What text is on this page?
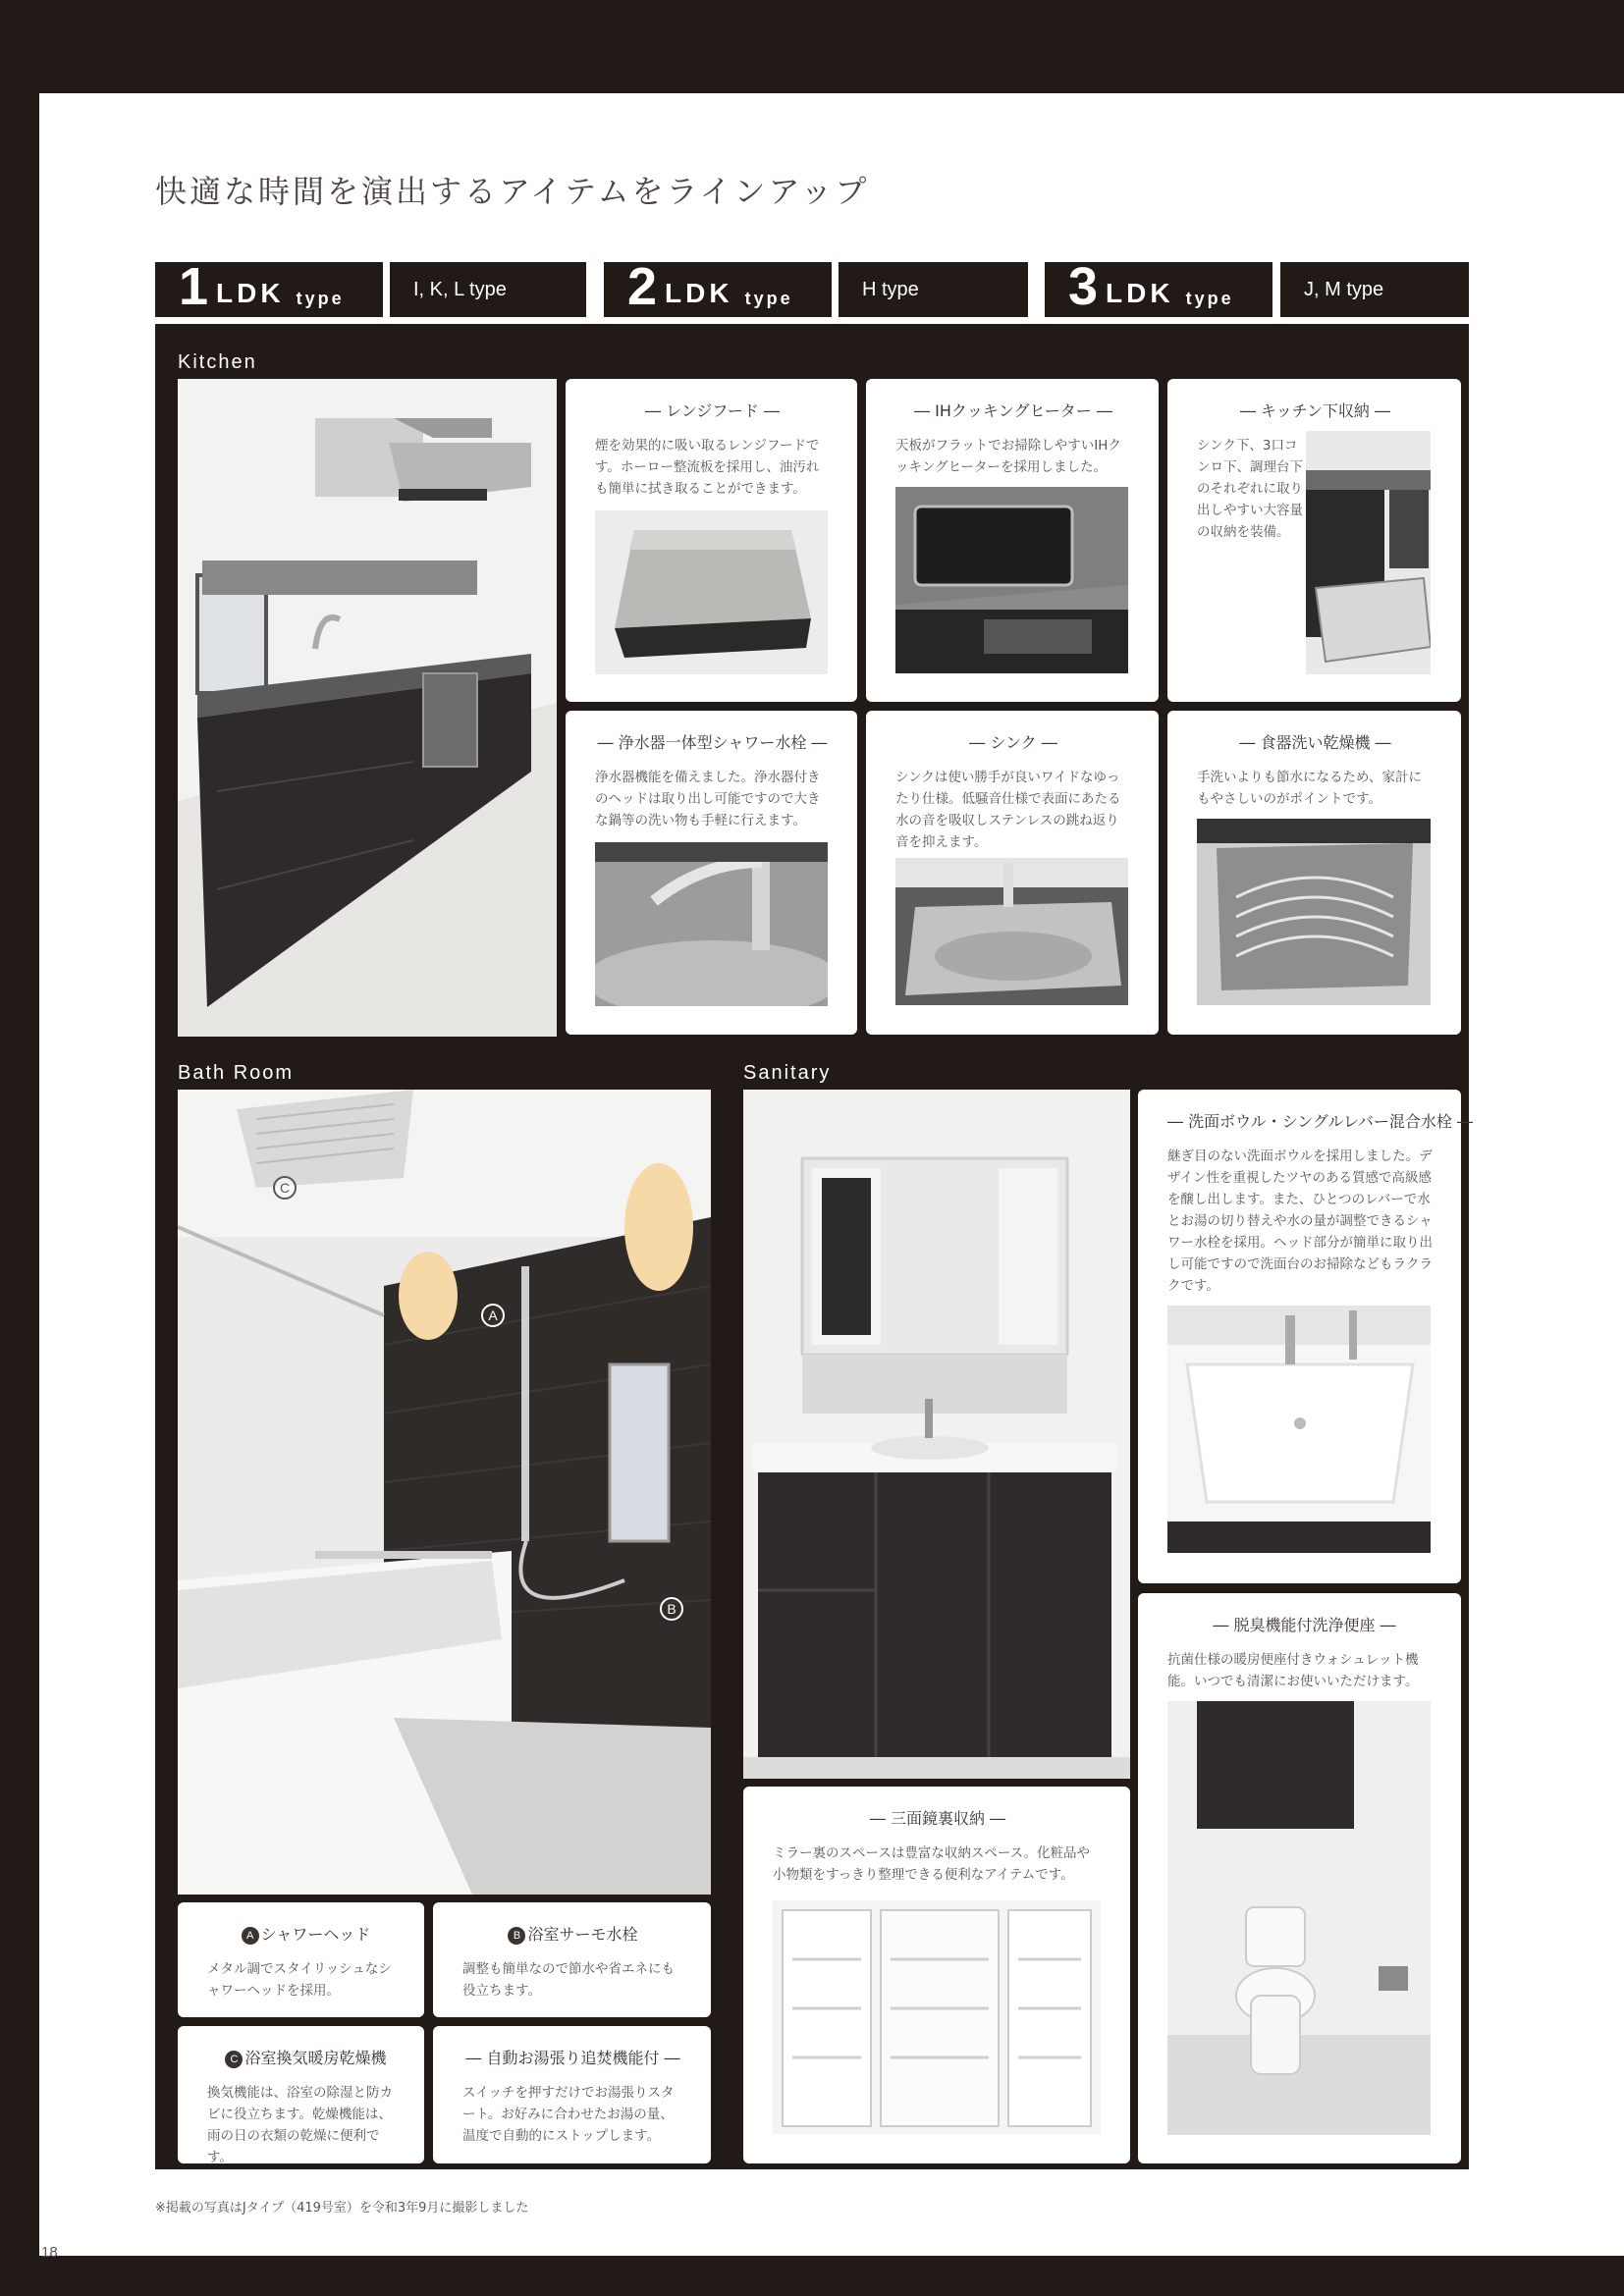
快適な時間を演出するアイテムをラインアップ
1 LDK type	I, K, L type	2 LDK type	H type	3 LDK type	J, M type
Kitchen
Bath Room	Sanitary
― レンジフード ―
煙を効果的に吸い取るレンジフードです。ホーロー整流板を採用し、油汚れも簡単に拭き取ることができます。
― IHクッキングヒーター ―
天板がフラットでお掃除しやすいIHクッキングヒーターを採用しました。
― キッチン下収納 ―
シンク下、3口コンロ下、調理台下のそれぞれに取り出しやすい大容量の収納を装備。
― 浄水器一体型シャワー水栓 ―
浄水器機能を備えました。浄水器付きのヘッドは取り出し可能ですので大きな鍋等の洗い物も手軽に行えます。
― シンク ―
シンクは使い勝手が良いワイドなゆったり仕様。低騒音仕様で表面にあたる水の音を吸収しステンレスの跳ね返り音を抑えます。
― 食器洗い乾燥機 ―
手洗いよりも節水になるため、家計にもやさしいのがポイントです。
C
A
B
A シャワーヘッド
メタル調でスタイリッシュなシャワーヘッドを採用。
B 浴室サーモ水栓
調整も簡単なので節水や省エネにも役立ちます。
C 浴室換気暖房乾燥機
換気機能は、浴室の除湿と防カビに役立ちます。乾燥機能は、雨の日の衣類の乾燥に便利です。
― 自動お湯張り追焚機能付 ―
スイッチを押すだけでお湯張りスタート。お好みに合わせたお湯の量、温度で自動的にストップします。
― 三面鏡裏収納 ―
ミラー裏のスペースは豊富な収納スペース。化粧品や小物類をすっきり整理できる便利なアイテムです。
― 洗面ボウル・シングルレバー混合水栓 ―
継ぎ目のない洗面ボウルを採用しました。デザイン性を重視したツヤのある質感で高級感を醸し出します。また、ひとつのレバーで水とお湯の切り替えや水の量が調整できるシャワー水栓を採用。ヘッド部分が簡単に取り出し可能ですので洗面台のお掃除などもラクラクです。
― 脱臭機能付洗浄便座 ―
抗菌仕様の暖房便座付きウォシュレット機能。いつでも清潔にお使いいただけます。
※掲載の写真はJタイプ（419号室）を令和3年9月に撮影しました
18
